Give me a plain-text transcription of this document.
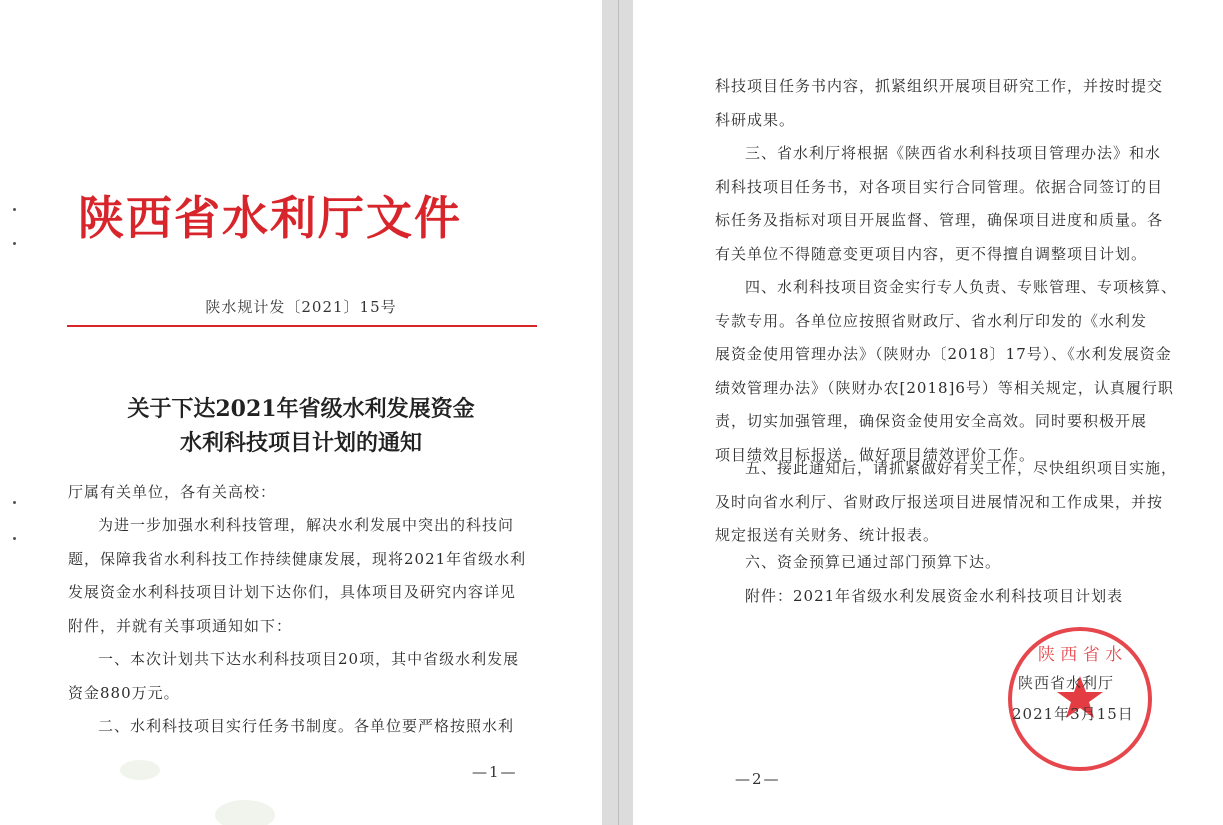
陕西省水利厅文件
陕水规计发〔2021〕15号
关于下达2021年省级水利发展资金
水利科技项目计划的通知
厅属有关单位，各有关高校：
为进一步加强水利科技管理，解决水利发展中突出的科技问
题，保障我省水利科技工作持续健康发展，现将2021年省级水利
发展资金水利科技项目计划下达你们，具体项目及研究内容详见
附件，并就有关事项通知如下：
一、本次计划共下达水利科技项目20项，其中省级水利发展
资金880万元。
二、水利科技项目实行任务书制度。各单位要严格按照水利
—1—
科技项目任务书内容，抓紧组织开展项目研究工作，并按时提交
科研成果。
三、省水利厅将根据《陕西省水利科技项目管理办法》和水
利科技项目任务书，对各项目实行合同管理。依据合同签订的目
标任务及指标对项目开展监督、管理，确保项目进度和质量。各
有关单位不得随意变更项目内容，更不得擅自调整项目计划。
四、水利科技项目资金实行专人负责、专账管理、专项核算、
专款专用。各单位应按照省财政厅、省水利厅印发的《水利发
展资金使用管理办法》（陕财办〔2018〕17号）、《水利发展资金
绩效管理办法》（陕财办农[2018]6号）等相关规定，认真履行职
责，切实加强管理，确保资金使用安全高效。同时要积极开展
项目绩效目标报送，做好项目绩效评价工作。
五、接此通知后，请抓紧做好有关工作，尽快组织项目实施，
及时向省水利厅、省财政厅报送项目进展情况和工作成果，并按
规定报送有关财务、统计报表。
六、资金预算已通过部门预算下达。
附件：2021年省级水利发展资金水利科技项目计划表
陕 西 省 水
陕西省水利厅
2021年3月15日
—2—
